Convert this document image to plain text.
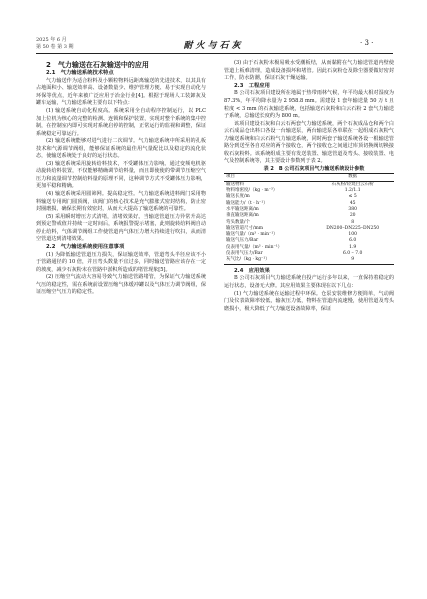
2025 年 6 月
第 50 卷 第 3 期	耐火与石灰	· 3 ·

2　气力输送在石灰输送中的应用

2.1　气力输送系统技术特点

气力输送作为适合粉料及小颗粒物料远距离输送的先进技术，以其具有占地面积小、输送效率高、设备数量少、维护管理方便、易于实现自动化与环保等优点，近年来被广泛应用于冶金行业[4]。根据于现场人工装卸灰及罐车运输，气力输送系统主要有以下特点：

(1) 输送系统自动化程度高。系统采用全自动程序控制运行，以 PLC 加上位机为核心的完整的检测、连锁和保护装置，实现对整个系统的集中控制，在控制室内即可实现对系统启停的控制，正常运行的监视和调整，保证系统稳定可靠运行。

(2) 输送系统能够对进气进行二次调节。气力输送系统中所采用的孔板技术和气源调节阀组，能够保证系统的最佳用气量配比以及稳定的流化状态，使输送系统处于良好的运行状态。

(3) 输送系统采用旋转给料技术，不受罐体压力影响。通过变频电机驱动旋转给料装置，不仅能够精确调节给料量，而且即使使的带调节压缩空气压力和流量调节控制给料量的原理不同，这种调节方式不受罐体压力影响，更加平稳和精确。

(4) 输送系统采用圆筛网。提高稳定性。气力输送系统进料阀门采用物料输送专用阀门圆顶阀，该阀门的核心技术是充气膨胀式密封结构，防止密封圈磨损，确保长期有效密封，从而大大提高了输送系统的可靠性。

(5) 采用瞬时增压方式清堵，清堵效果好。当输送管道压力异常升高达到预定警戒值并持续一定时间后，系统报警提示堵塞，此则旋转给料阀自动停止给料，气体调节阀组工作使管道内气体压力增大持续进行吹扫，从而清空管道达到清堵效果。

2.2　气力输送系统使用注意事项

(1) 为降低输送管道压力损失，保证输送效率，管道弯头半径应该不小于管路通径的 10 倍，并且弯头数量不宜过多，同时输送管路应该存在一定的坡度，减少石灰粉末在管路中淤积所造成的堵管现象[5]。

(2) 压缩空气流动大容易导致气力输送管路堵管，为保证气力输送系统气压的稳定性，需在系统前设置压缩气体缓冲罐以及气体压力调节阀组，保证压缩空气压力的稳定性。

(3) 由于石灰粉末极易吸水受潮板结，从而黏附在气力输送管道内壁使管道上板难清理，造成设备损坏和堵管。因此石灰粉仓及除尘器要做好密封工作，防水防潮，保证石灰干燥运输。

2.3　工程应用

B 公司石灰项目建设所在地属于热带雨林气候，年平均最大相对湿度为 87.3%，年平均降水量为 2 958.8 mm。需建设 1 套年输送量 50 万 t 且粒度 < 3 mm 的石灰输送系统，包括输送石灰粉和白云石粉 2 套气力输送子系统，总输送长度约为 800 m。

该项目建设石灰和白云石两套气力输送系统，两个石灰成品仓和两个白云石成品仓出料口各设一台输送泵，两台输送泵各单联在一起组成石灰粉气力输送系统和白云石粉气力输送系统，同时两套子输送系统各设一根输送管路分到送至各自对应的两个接收仓，两个接收仓之间通过库顶切换阀切换接收石灰粉料。该系统组成主要有发送装置、输送管道及弯头、接收装置、电气及控制系统等，其主要设计参数列于表 2。

表 2　B 公司石灰项目气力输送系统设计参数

项目	数据
输送物料	石灰粉/轻烧白云石粉
物料堆密度/（kg · m⁻³）	1.2/1.1
输送长度/m	≤ 5
输送能力/（t · h⁻¹）	45
水平输送距离/m	380
垂直输送距离/m	20
弯头数量/个	8
输送管道尺寸/mm	DN200–DN225–DN250
输送气量/（m³ · min⁻¹）	100
输送气压力/Bar	6.0
仪表用气量/（m³ · min⁻¹）	1.9
仪表用气压力/Bar	6.0 – 7.0
灰气比/（kg · kg⁻¹）	9

2.4　应用效果

B 公司石灰项目气力输送系统自投产运行多年以来，一直保持着稳定的运行状态，设备无大修。其应用效果主要体现在以下几点：

(1) 气力输送系统在运输过程中环保。仓泵安装维修方便简单，气动阀门及仪表故障率较低，输灰压力低，物料在管道内流速慢，使用管道及弯头磨损小，极大降低了气力输送设备故障率，保证
